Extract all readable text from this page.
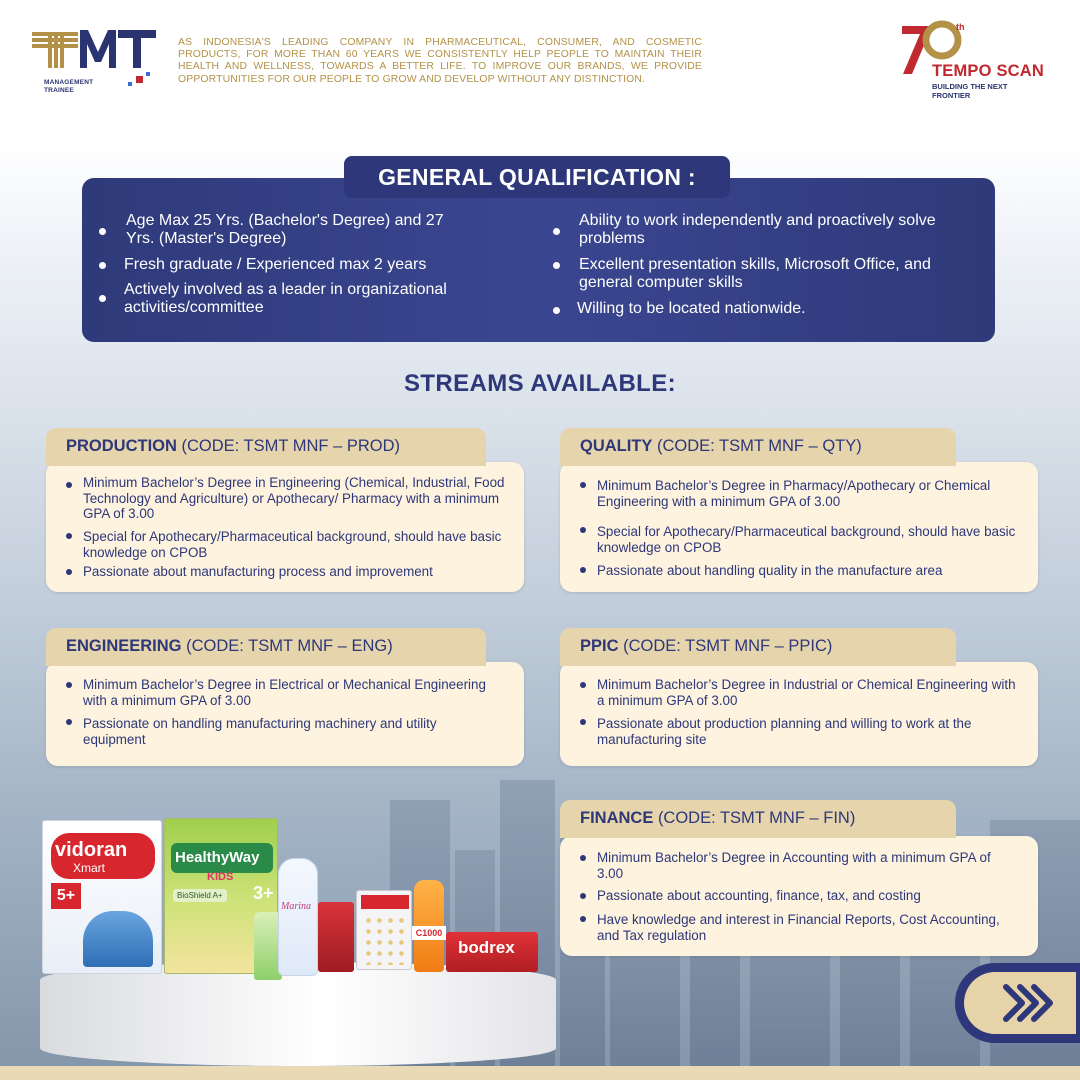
MANAGEMENT
TRAINEE
AS INDONESIA'S LEADING COMPANY IN PHARMACEUTICAL, CONSUMER, AND COSMETIC PRODUCTS, FOR MORE THAN 60 YEARS WE CONSISTENTLY HELP PEOPLE TO MAINTAIN THEIR HEALTH AND WELLNESS, TOWARDS A BETTER LIFE. TO IMPROVE OUR BRANDS, WE PROVIDE OPPORTUNITIES FOR OUR PEOPLE TO GROW AND DEVELOP WITHOUT ANY DISTINCTION.
th
TEMPO SCAN
BUILDING THE NEXT FRONTIER
GENERAL QUALIFICATION :
Age Max 25 Yrs. (Bachelor's Degree) and 27 Yrs. (Master's Degree)
Fresh graduate / Experienced max 2 years
Actively involved as a leader in organizational activities/committee
Ability to work independently and proactively solve problems
Excellent presentation skills, Microsoft Office, and general computer skills
Willing to be located nationwide.
STREAMS AVAILABLE:
PRODUCTION (CODE: TSMT MNF – PROD)
Minimum Bachelor’s Degree in Engineering (Chemical, Industrial, Food Technology and Agriculture) or Apothecary/ Pharmacy with a minimum GPA of 3.00
Special for Apothecary/Pharmaceutical background, should have basic knowledge on CPOB
Passionate about manufacturing process and improvement
QUALITY (CODE: TSMT MNF – QTY)
Minimum Bachelor’s Degree in Pharmacy/Apothecary or Chemical Engineering with a minimum GPA of 3.00
Special for Apothecary/Pharmaceutical background, should have basic knowledge on CPOB
Passionate about handling quality in the manufacture area
ENGINEERING (CODE: TSMT MNF – ENG)
Minimum Bachelor’s Degree in Electrical or Mechanical Engineering with a minimum GPA of 3.00
Passionate on handling manufacturing machinery and utility equipment
PPIC (CODE: TSMT MNF – PPIC)
Minimum Bachelor’s Degree in Industrial or Chemical Engineering with a minimum GPA of 3.00
Passionate about production planning and willing to work at the manufacturing site
FINANCE (CODE: TSMT MNF – FIN)
Minimum Bachelor’s Degree in Accounting with a minimum GPA of 3.00
Passionate about accounting, finance, tax, and costing
Have knowledge and interest in Financial Reports, Cost Accounting, and Tax regulation
vidoran
Xmart
5+
HealthyWay
KIDS
BioShield A+ 3+
Marina
C1000
bodrex
